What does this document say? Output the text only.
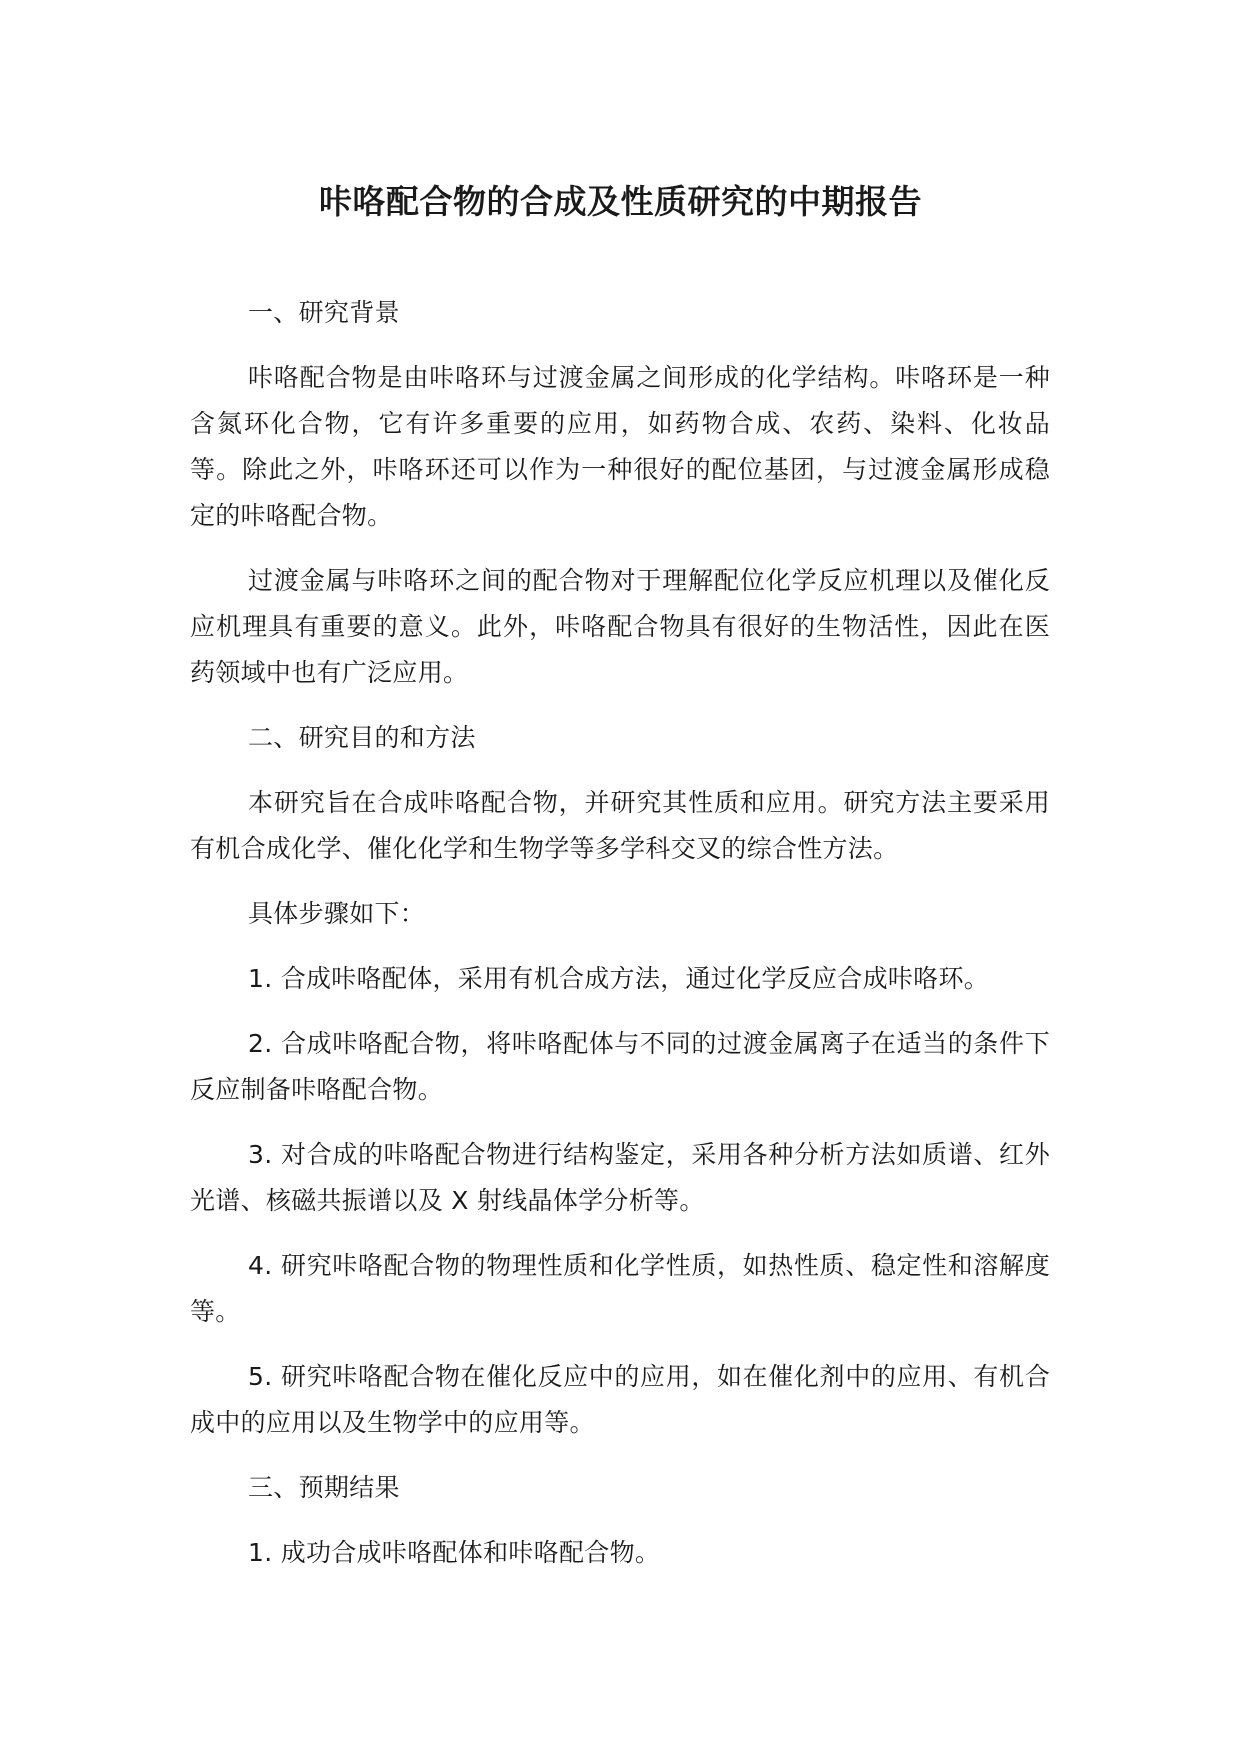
咔咯配合物的合成及性质研究的中期报告

一、研究背景

咔咯配合物是由咔咯环与过渡金属之间形成的化学结构。咔咯环是一种含氮环化合物，它有许多重要的应用，如药物合成、农药、染料、化妆品等。除此之外，咔咯环还可以作为一种很好的配位基团，与过渡金属形成稳定的咔咯配合物。

过渡金属与咔咯环之间的配合物对于理解配位化学反应机理以及催化反应机理具有重要的意义。此外，咔咯配合物具有很好的生物活性，因此在医药领域中也有广泛应用。

二、研究目的和方法

本研究旨在合成咔咯配合物，并研究其性质和应用。研究方法主要采用有机合成化学、催化化学和生物学等多学科交叉的综合性方法。

具体步骤如下：

1. 合成咔咯配体，采用有机合成方法，通过化学反应合成咔咯环。

2. 合成咔咯配合物，将咔咯配体与不同的过渡金属离子在适当的条件下反应制备咔咯配合物。

3. 对合成的咔咯配合物进行结构鉴定，采用各种分析方法如质谱、红外光谱、核磁共振谱以及 X 射线晶体学分析等。

4. 研究咔咯配合物的物理性质和化学性质，如热性质、稳定性和溶解度等。

5. 研究咔咯配合物在催化反应中的应用，如在催化剂中的应用、有机合成中的应用以及生物学中的应用等。

三、预期结果

1. 成功合成咔咯配体和咔咯配合物。
